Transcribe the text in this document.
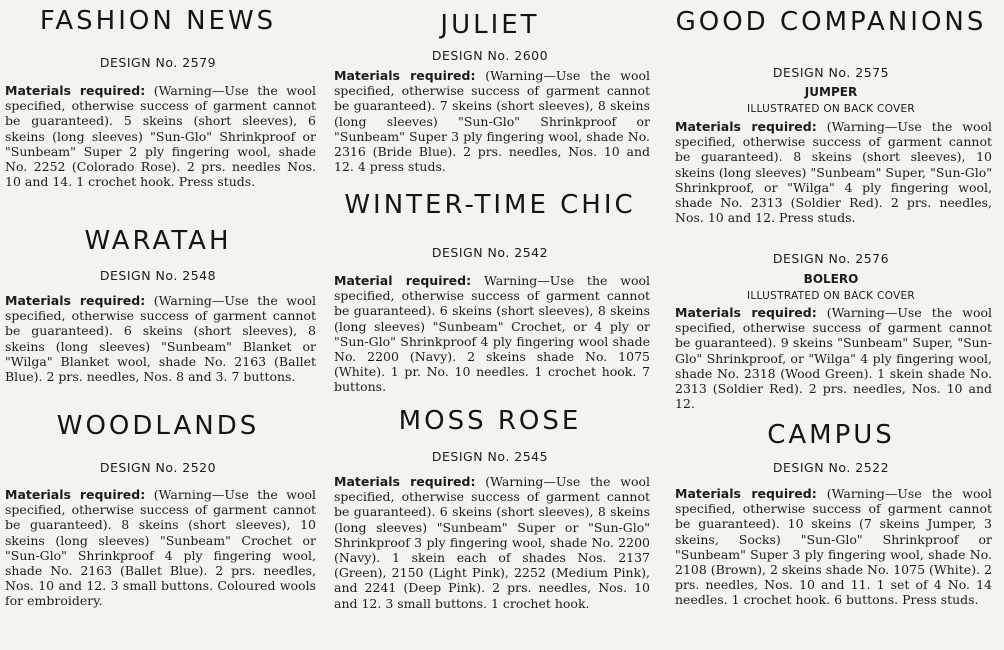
FASHION NEWS
DESIGN No. 2579
Materials required: (Warning—Use the wool specified, otherwise success of garment cannot be guaranteed). 5 skeins (short sleeves), 6 skeins (long sleeves) "Sun-Glo" Shrinkproof or "Sunbeam" Super 2 ply fingering wool, shade No. 2252 (Colorado Rose). 2 prs. needles Nos. 10 and 14. 1 crochet hook. Press studs.
WARATAH
DESIGN No. 2548
Materials required: (Warning—Use the wool specified, otherwise success of garment cannot be guaranteed). 6 skeins (short sleeves), 8 skeins (long sleeves) "Sunbeam" Blanket or "Wilga" Blanket wool, shade No. 2163 (Ballet Blue). 2 prs. needles, Nos. 8 and 3. 7 buttons.
WOODLANDS
DESIGN No. 2520
Materials required: (Warning—Use the wool specified, otherwise success of garment cannot be guaranteed). 8 skeins (short sleeves), 10 skeins (long sleeves) "Sunbeam" Crochet or "Sun-Glo" Shrinkproof 4 ply fingering wool, shade No. 2163 (Ballet Blue). 2 prs. needles, Nos. 10 and 12. 3 small buttons. Coloured wools for embroidery.
JULIET
DESIGN No. 2600
Materials required: (Warning—Use the wool specified, otherwise success of garment cannot be guaranteed). 7 skeins (short sleeves), 8 skeins (long sleeves) "Sun-Glo" Shrinkproof or "Sunbeam" Super 3 ply fingering wool, shade No. 2316 (Bride Blue). 2 prs. needles, Nos. 10 and 12. 4 press studs.
WINTER-TIME CHIC
DESIGN No. 2542
Material required: Warning—Use the wool specified, otherwise success of garment cannot be guaranteed). 6 skeins (short sleeves), 8 skeins (long sleeves) "Sunbeam" Crochet, or 4 ply or "Sun-Glo" Shrinkproof 4 ply fingering wool shade No. 2200 (Navy). 2 skeins shade No. 1075 (White). 1 pr. No. 10 needles. 1 crochet hook. 7 buttons.
MOSS ROSE
DESIGN No. 2545
Materials required: (Warning—Use the wool specified, otherwise success of garment cannot be guaranteed). 6 skeins (short sleeves), 8 skeins (long sleeves) "Sunbeam" Super or "Sun-Glo" Shrinkproof 3 ply fingering wool, shade No. 2200 (Navy). 1 skein each of shades Nos. 2137 (Green), 2150 (Light Pink), 2252 (Medium Pink), and 2241 (Deep Pink). 2 prs. needles, Nos. 10 and 12. 3 small buttons. 1 crochet hook.
GOOD COMPANIONS
DESIGN No. 2575
JUMPER
ILLUSTRATED ON BACK COVER
Materials required: (Warning—Use the wool specified, otherwise success of garment cannot be guaranteed). 8 skeins (short sleeves), 10 skeins (long sleeves) "Sunbeam" Super, "Sun-Glo" Shrinkproof, or "Wilga" 4 ply fingering wool, shade No. 2313 (Soldier Red). 2 prs. needles, Nos. 10 and 12. Press studs.
DESIGN No. 2576
BOLERO
ILLUSTRATED ON BACK COVER
Materials required: (Warning—Use the wool specified, otherwise success of garment cannot be guaranteed). 9 skeins "Sunbeam" Super, "Sun-Glo" Shrinkproof, or "Wilga" 4 ply fingering wool, shade No. 2318 (Wood Green). 1 skein shade No. 2313 (Soldier Red). 2 prs. needles, Nos. 10 and 12.
CAMPUS
DESIGN No. 2522
Materials required: (Warning—Use the wool specified, otherwise success of garment cannot be guaranteed). 10 skeins (7 skeins Jumper, 3 skeins, Socks) "Sun-Glo" Shrinkproof or "Sunbeam" Super 3 ply fingering wool, shade No. 2108 (Brown), 2 skeins shade No. 1075 (White). 2 prs. needles, Nos. 10 and 11. 1 set of 4 No. 14 needles. 1 crochet hook. 6 buttons. Press studs.
